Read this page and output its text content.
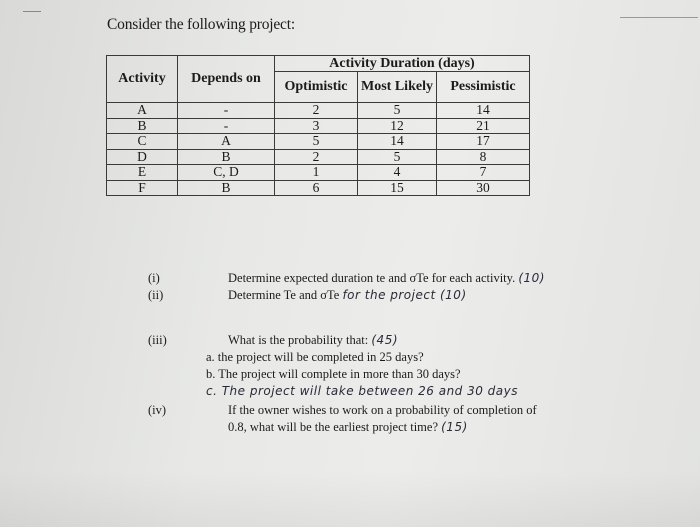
Consider the following project:
Activity	Depends on	Activity Duration (days)		
		Optimistic	Most Likely	Pessimistic
A	-	2	5	14
B	-	3	12	21
C	A	5	14	17
D	B	2	5	8
E	C, D	1	4	7
F	B	6	15	30
(i)	Determine expected duration te and σTe for each activity. (10)
(ii)	Determine Te and σTe for the project (10)
(iii)	What is the probability that: (45)
a. the project will be completed in 25 days?
b. The project will complete in more than 30 days?
c. The project will take between 26 and 30 days
(iv)	If the owner wishes to work on a probability of completion of
0.8, what will be the earliest project time? (15)
